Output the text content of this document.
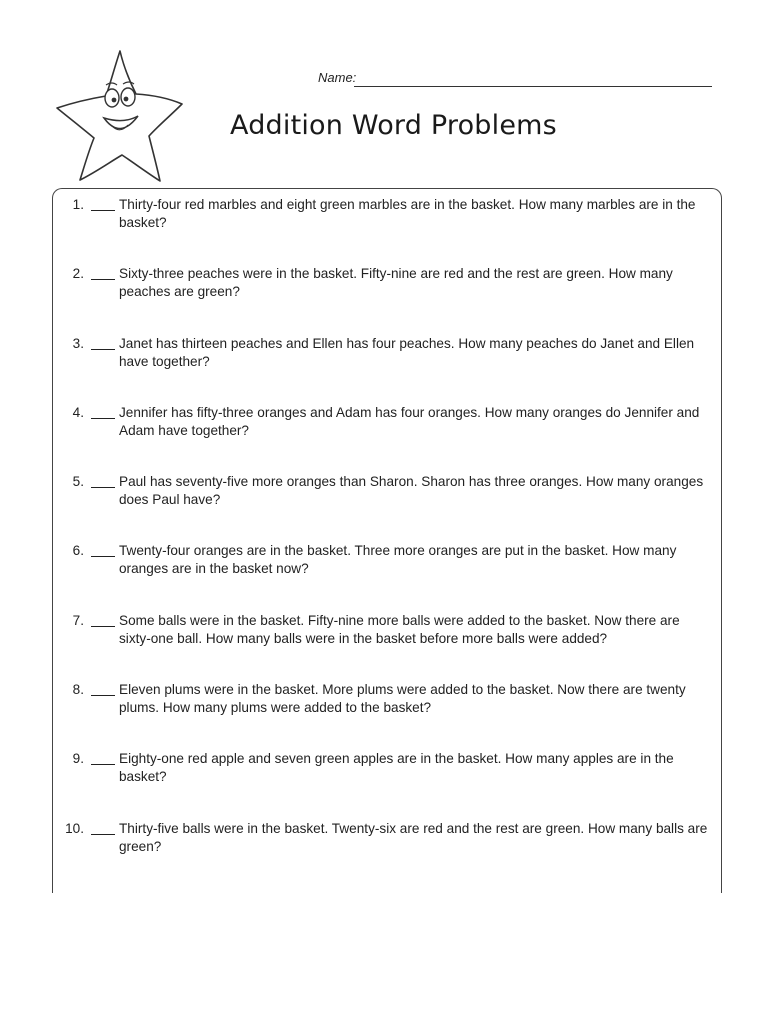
Name:
Addition Word Problems
1.	Thirty-four red marbles and eight green marbles are in the basket. How many marbles are in the basket?
2.	Sixty-three peaches were in the basket. Fifty-nine are red and the rest are green. How many peaches are green?
3.	Janet has thirteen peaches and Ellen has four peaches. How many peaches do Janet and Ellen have together?
4.	Jennifer has fifty-three oranges and Adam has four oranges. How many oranges do Jennifer and Adam have together?
5.	Paul has seventy-five more oranges than Sharon. Sharon has three oranges. How many oranges does Paul have?
6.	Twenty-four oranges are in the basket. Three more oranges are put in the basket. How many oranges are in the basket now?
7.	Some balls were in the basket. Fifty-nine more balls were added to the basket. Now there are sixty-one ball. How many balls were in the basket before more balls were added?
8.	Eleven plums were in the basket. More plums were added to the basket. Now there are twenty plums. How many plums were added to the basket?
9.	Eighty-one red apple and seven green apples are in the basket. How many apples are in the basket?
10.	Thirty-five balls were in the basket. Twenty-six are red and the rest are green. How many balls are green?
